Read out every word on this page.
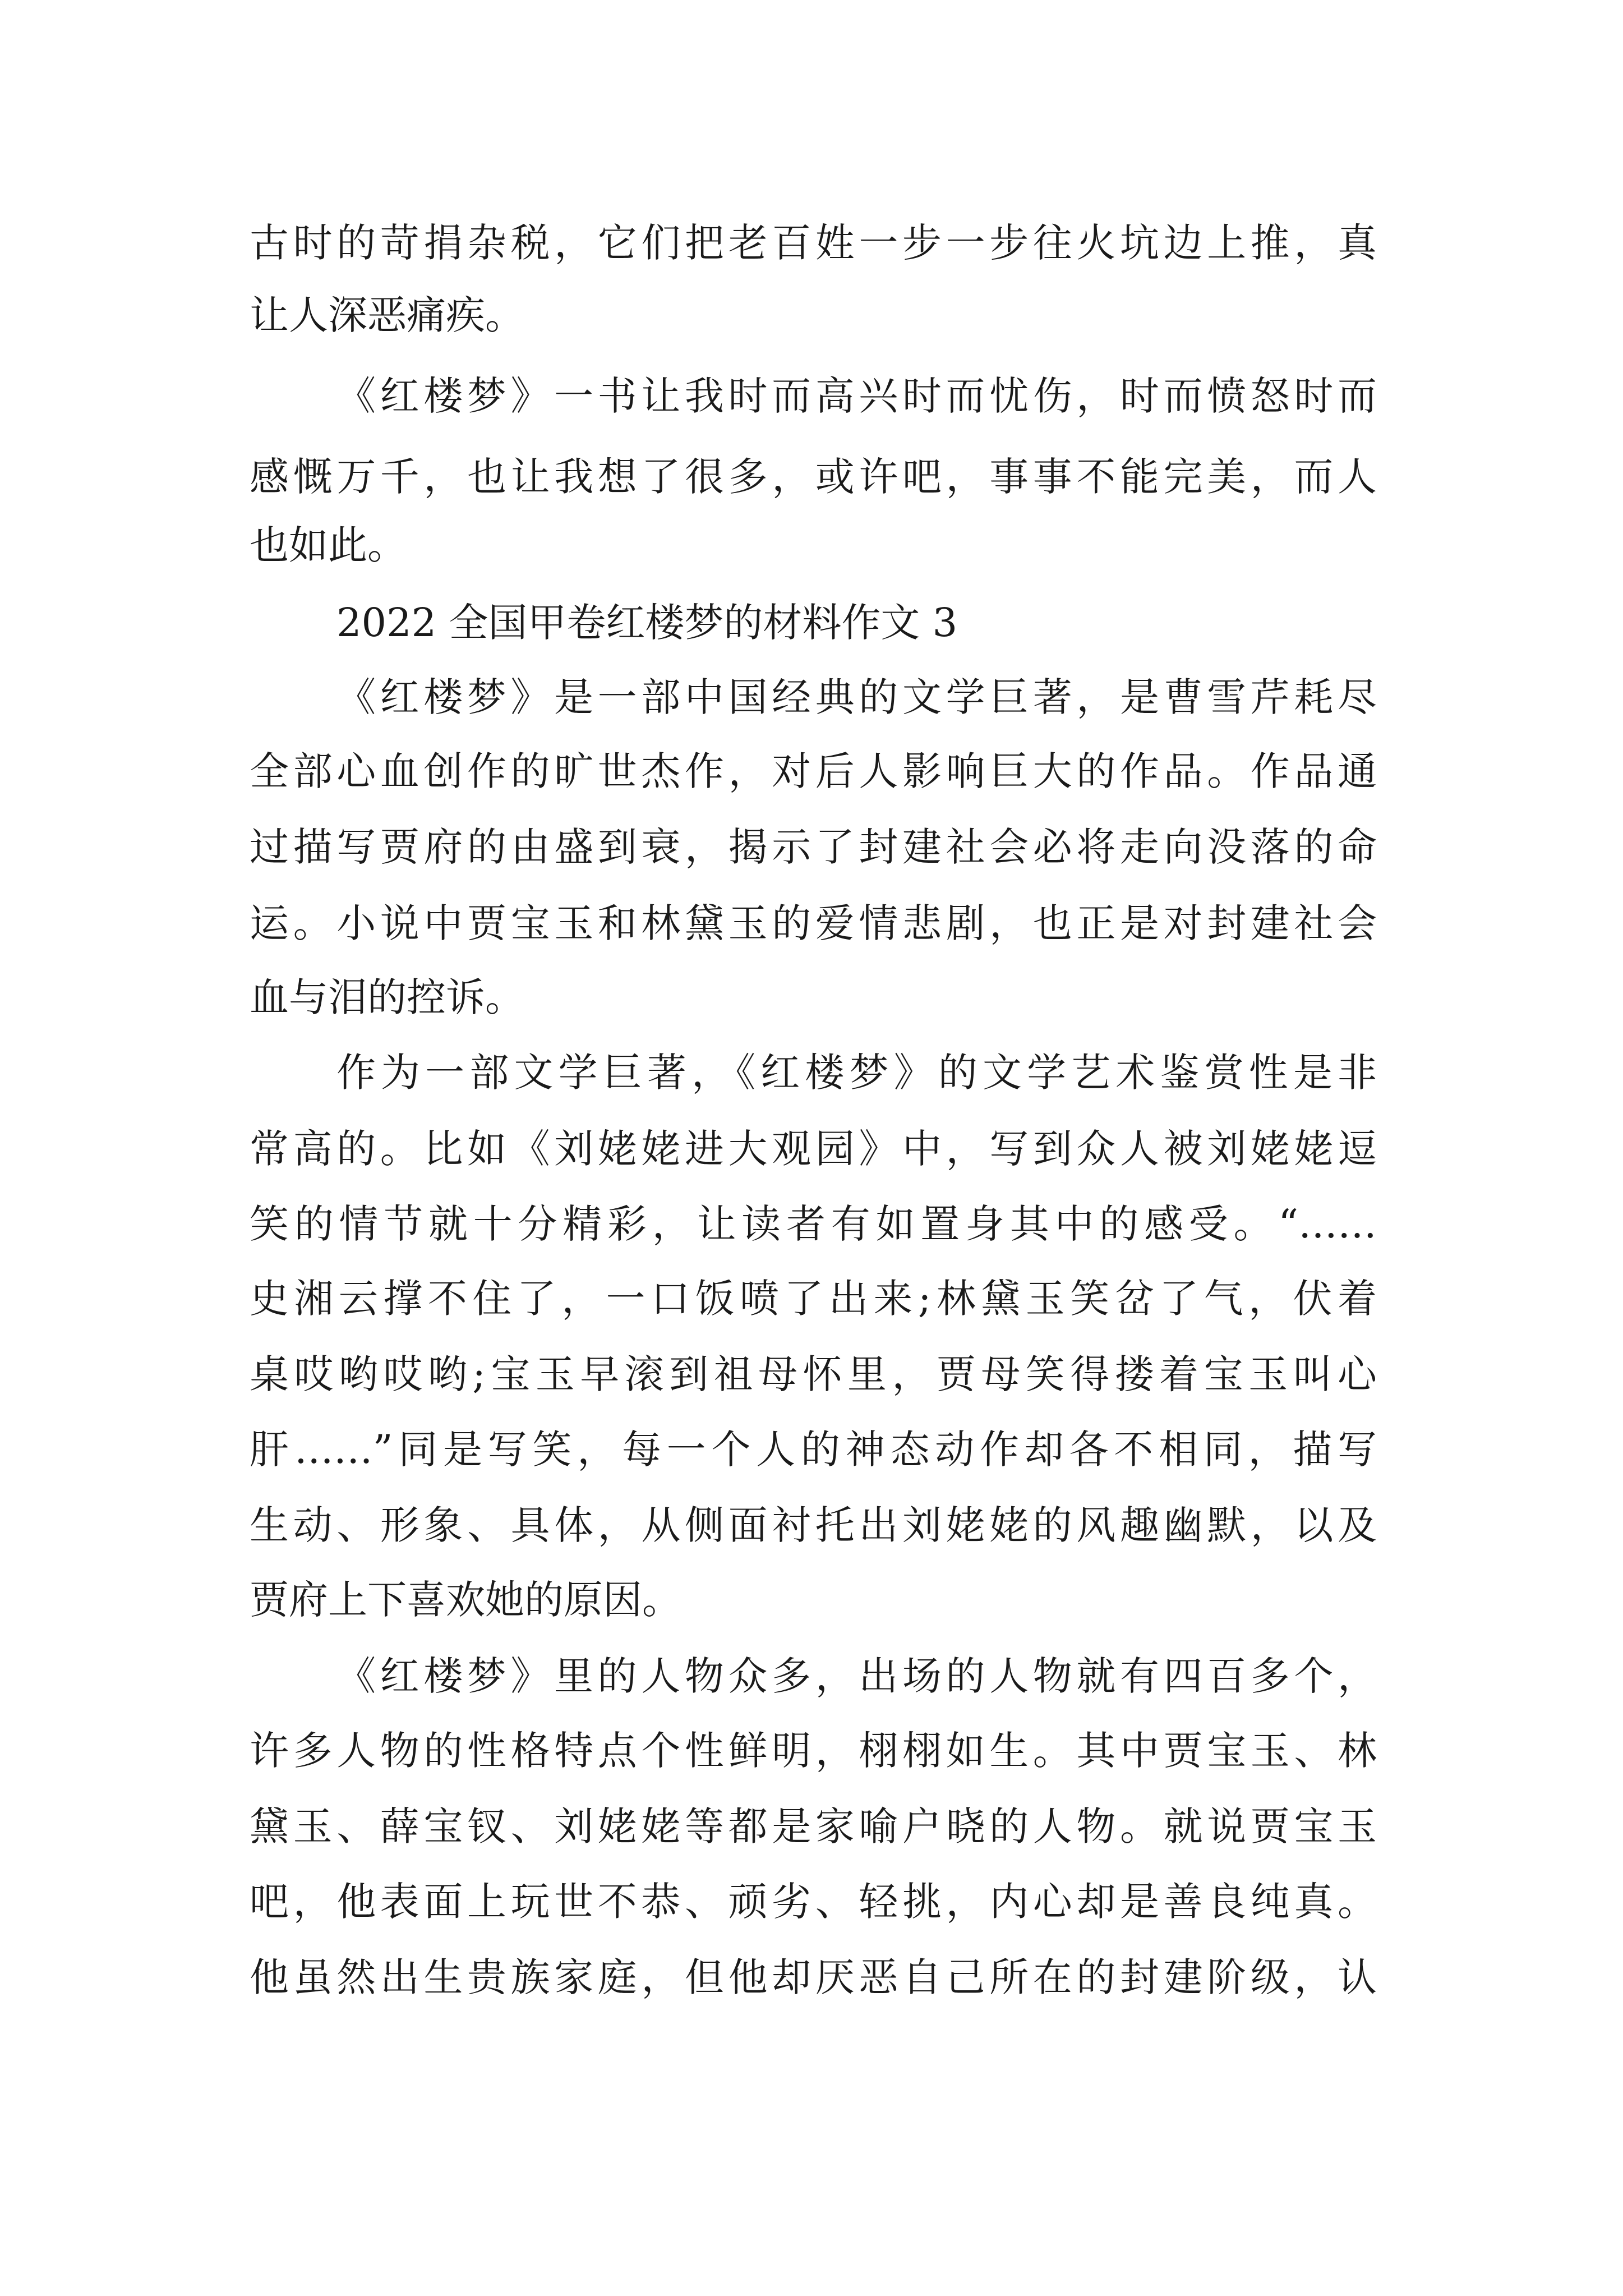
古时的苛捐杂税，它们把老百姓一步一步往火坑边上推，真
让人深恶痛疾。
《红楼梦》一书让我时而高兴时而忧伤，时而愤怒时而
感慨万千，也让我想了很多，或许吧，事事不能完美，而人
也如此。
2022 全国甲卷红楼梦的材料作文 3
《红楼梦》是一部中国经典的文学巨著，是曹雪芹耗尽
全部心血创作的旷世杰作，对后人影响巨大的作品。作品通
过描写贾府的由盛到衰，揭示了封建社会必将走向没落的命
运。小说中贾宝玉和林黛玉的爱情悲剧，也正是对封建社会
血与泪的控诉。
作为一部文学巨著，《红楼梦》的文学艺术鉴赏性是非
常高的。比如《刘姥姥进大观园》中，写到众人被刘姥姥逗
笑的情节就十分精彩，让读者有如置身其中的感受。“……
史湘云撑不住了，一口饭喷了出来;林黛玉笑岔了气，伏着
桌哎哟哎哟;宝玉早滚到祖母怀里，贾母笑得搂着宝玉叫心
肝……”同是写笑，每一个人的神态动作却各不相同，描写
生动、形象、具体，从侧面衬托出刘姥姥的风趣幽默，以及
贾府上下喜欢她的原因。
《红楼梦》里的人物众多，出场的人物就有四百多个，
许多人物的性格特点个性鲜明，栩栩如生。其中贾宝玉、林
黛玉、薛宝钗、刘姥姥等都是家喻户晓的人物。就说贾宝玉
吧，他表面上玩世不恭、顽劣、轻挑，内心却是善良纯真。
他虽然出生贵族家庭，但他却厌恶自己所在的封建阶级，认
